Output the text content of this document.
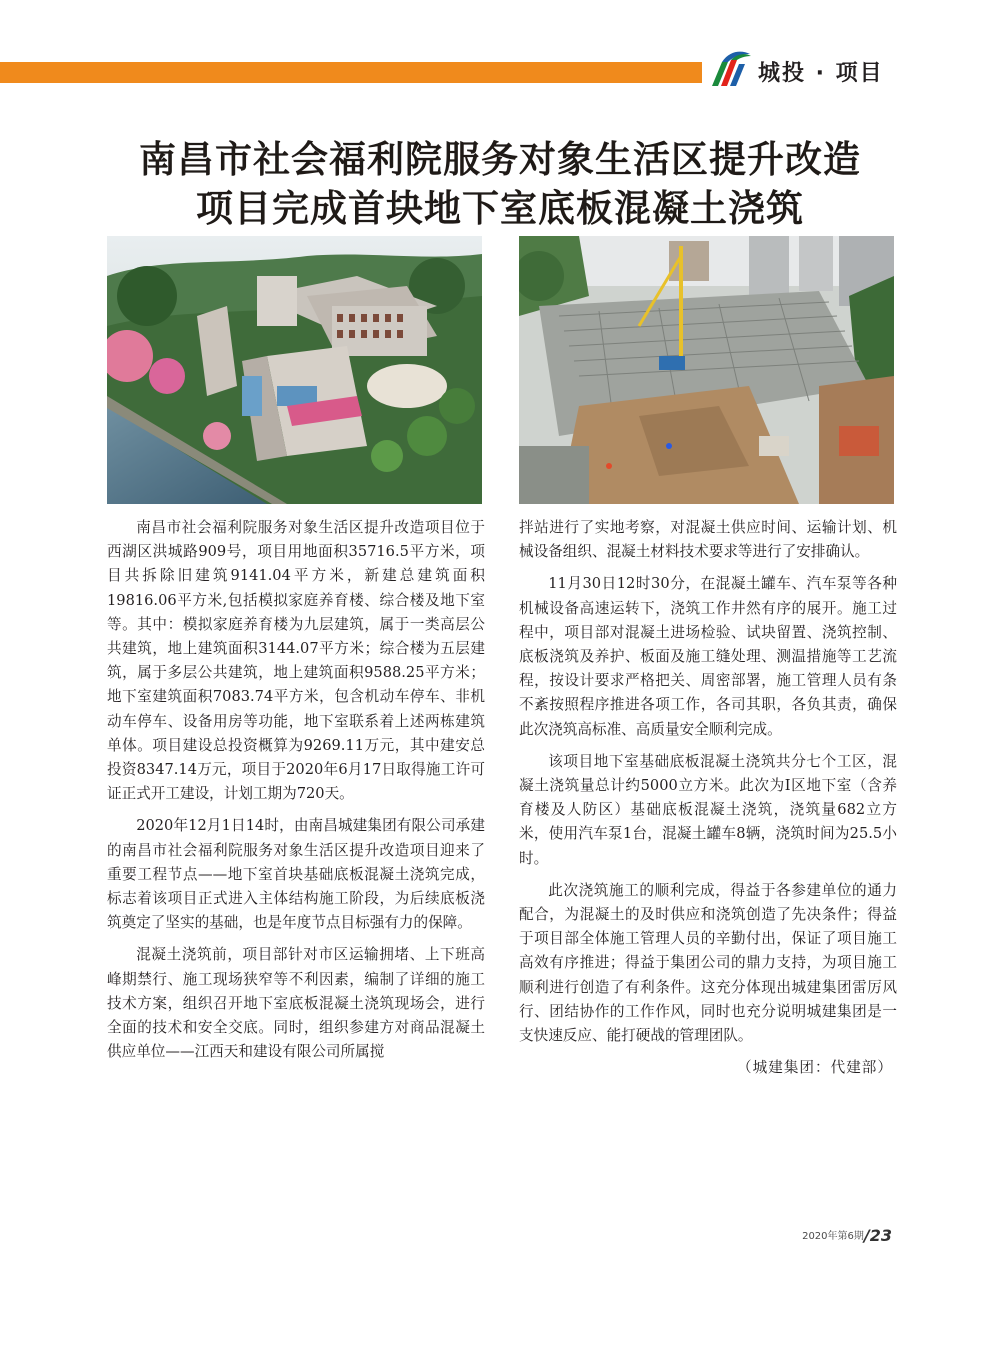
城投 · 项目
南昌市社会福利院服务对象生活区提升改造
项目完成首块地下室底板混凝土浇筑

南昌市社会福利院服务对象生活区提升改造项目位于西湖区洪城路909号，项目用地面积35716.5平方米，项目共拆除旧建筑9141.04平方米，新建总建筑面积19816.06平方米,包括模拟家庭养育楼、综合楼及地下室等。其中：模拟家庭养育楼为九层建筑，属于一类高层公共建筑，地上建筑面积3144.07平方米；综合楼为五层建筑，属于多层公共建筑，地上建筑面积9588.25平方米；地下室建筑面积7083.74平方米，包含机动车停车、非机动车停车、设备用房等功能，地下室联系着上述两栋建筑单体。项目建设总投资概算为9269.11万元，其中建安总投资8347.14万元，项目于2020年6月17日取得施工许可证正式开工建设，计划工期为720天。

2020年12月1日14时，由南昌城建集团有限公司承建的南昌市社会福利院服务对象生活区提升改造项目迎来了重要工程节点——地下室首块基础底板混凝土浇筑完成，标志着该项目正式进入主体结构施工阶段，为后续底板浇筑奠定了坚实的基础，也是年度节点目标强有力的保障。

混凝土浇筑前，项目部针对市区运输拥堵、上下班高峰期禁行、施工现场狭窄等不利因素，编制了详细的施工技术方案，组织召开地下室底板混凝土浇筑现场会，进行全面的技术和安全交底。同时，组织参建方对商品混凝土供应单位——江西天和建设有限公司所属搅

拌站进行了实地考察，对混凝土供应时间、运输计划、机械设备组织、混凝土材料技术要求等进行了安排确认。

11月30日12时30分，在混凝土罐车、汽车泵等各种机械设备高速运转下，浇筑工作井然有序的展开。施工过程中，项目部对混凝土进场检验、试块留置、浇筑控制、底板浇筑及养护、板面及施工缝处理、测温措施等工艺流程，按设计要求严格把关、周密部署，施工管理人员有条不紊按照程序推进各项工作，各司其职，各负其责，确保此次浇筑高标准、高质量安全顺利完成。

该项目地下室基础底板混凝土浇筑共分七个工区，混凝土浇筑量总计约5000立方米。此次为Ⅰ区地下室（含养育楼及人防区）基础底板混凝土浇筑，浇筑量682立方米，使用汽车泵1台，混凝土罐车8辆，浇筑时间为25.5小时。

此次浇筑施工的顺利完成，得益于各参建单位的通力配合，为混凝土的及时供应和浇筑创造了先决条件；得益于项目部全体施工管理人员的辛勤付出，保证了项目施工高效有序推进；得益于集团公司的鼎力支持，为项目施工顺利进行创造了有利条件。这充分体现出城建集团雷厉风行、团结协作的工作作风，同时也充分说明城建集团是一支快速反应、能打硬战的管理团队。

（城建集团：代建部）

2020年第6期/23
